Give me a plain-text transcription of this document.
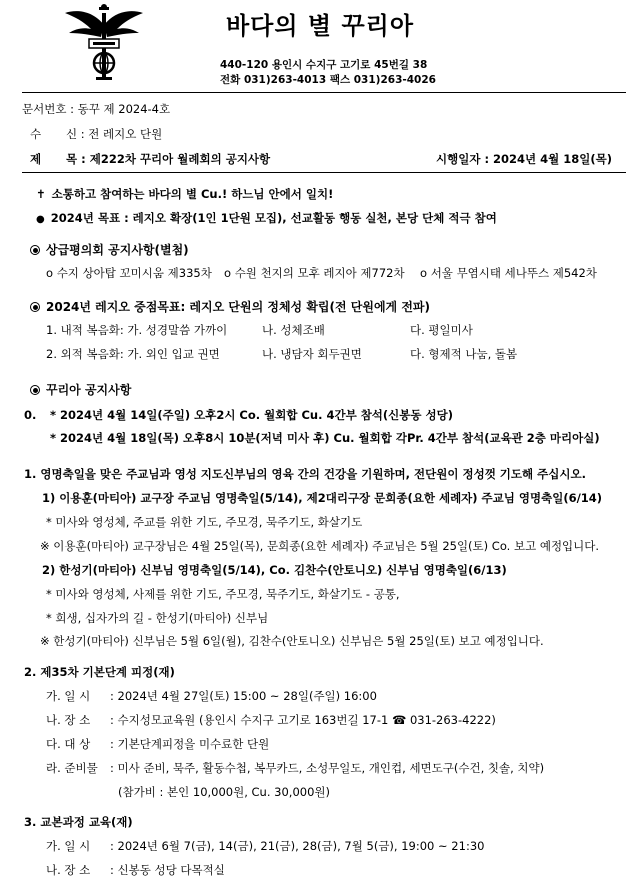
바다의 별 꾸리아
440-120 용인시 수지구 고기로 45번길 38
전화 031)263-4013 팩스 031)263-4026
문서번호 : 동꾸 제 2024-4호
수 신 : 전 레지오 단원
제 목 : 제222차 꾸리아 월례회의 공지사항	시행일자 : 2024년 4월 18일(목)
✝ 소통하고 참여하는 바다의 별 Cu.! 하느님 안에서 일치!
● 2024년 목표 : 레지오 확장(1인 1단원 모집), 선교활동 행동 실천, 본당 단체 적극 참여
상급평의회 공지사항(별첨)
o 수지 상아탑 꼬미시움 제335차 o 수원 천지의 모후 레지아 제772차 o 서울 무염시태 세나뚜스 제542차
2024년 레지오 중점목표: 레지오 단원의 정체성 확립(전 단원에게 전파)
1. 내적 복음화: 가. 성경말씀 가까이	나. 성체조배	다. 평일미사
2. 외적 복음화: 가. 외인 입교 권면	나. 냉담자 회두권면	다. 형제적 나눔, 돌봄
꾸리아 공지사항
0. * 2024년 4월 14일(주일) 오후2시 Co. 월회합 Cu. 4간부 참석(신봉동 성당)
* 2024년 4월 18일(목) 오후8시 10분(저녁 미사 후) Cu. 월회합 각Pr. 4간부 참석(교육관 2층 마리아실)
1. 영명축일을 맞은 주교님과 영성 지도신부님의 영육 간의 건강을 기원하며, 전단원이 정성껏 기도해 주십시오.
1) 이용훈(마티아) 교구장 주교님 영명축일(5/14), 제2대리구장 문희종(요한 세례자) 주교님 영명축일(6/14)
* 미사와 영성체, 주교를 위한 기도, 주모경, 묵주기도, 화살기도
※ 이용훈(마티아) 교구장님은 4월 25일(목), 문희종(요한 세례자) 주교님은 5월 25일(토) Co. 보고 예정입니다.
2) 한성기(마티아) 신부님 영명축일(5/14), Co. 김찬수(안토니오) 신부님 영명축일(6/13)
* 미사와 영성체, 사제를 위한 기도, 주모경, 묵주기도, 화살기도 - 공통,
* 희생, 십자가의 길 - 한성기(마티아) 신부님
※ 한성기(마티아) 신부님은 5월 6일(월), 김찬수(안토니오) 신부님은 5월 25일(토) 보고 예정입니다.
2. 제35차 기본단계 피정(재)
가. 일 시 : 2024년 4월 27일(토) 15:00 ~ 28일(주일) 16:00
나. 장 소 : 수지성모교육원 (용인시 수지구 고기로 163번길 17-1 ☎ 031-263-4222)
다. 대 상 : 기본단계피정을 미수료한 단원
라. 준비물 : 미사 준비, 묵주, 활동수첩, 복무카드, 소성무일도, 개인컵, 세면도구(수건, 칫솔, 치약)
(참가비 : 본인 10,000원, Cu. 30,000원)
3. 교본과정 교육(재)
가. 일 시 : 2024년 6월 7(금), 14(금), 21(금), 28(금), 7월 5(금), 19:00 ~ 21:30
나. 장 소 : 신봉동 성당 다목적실
